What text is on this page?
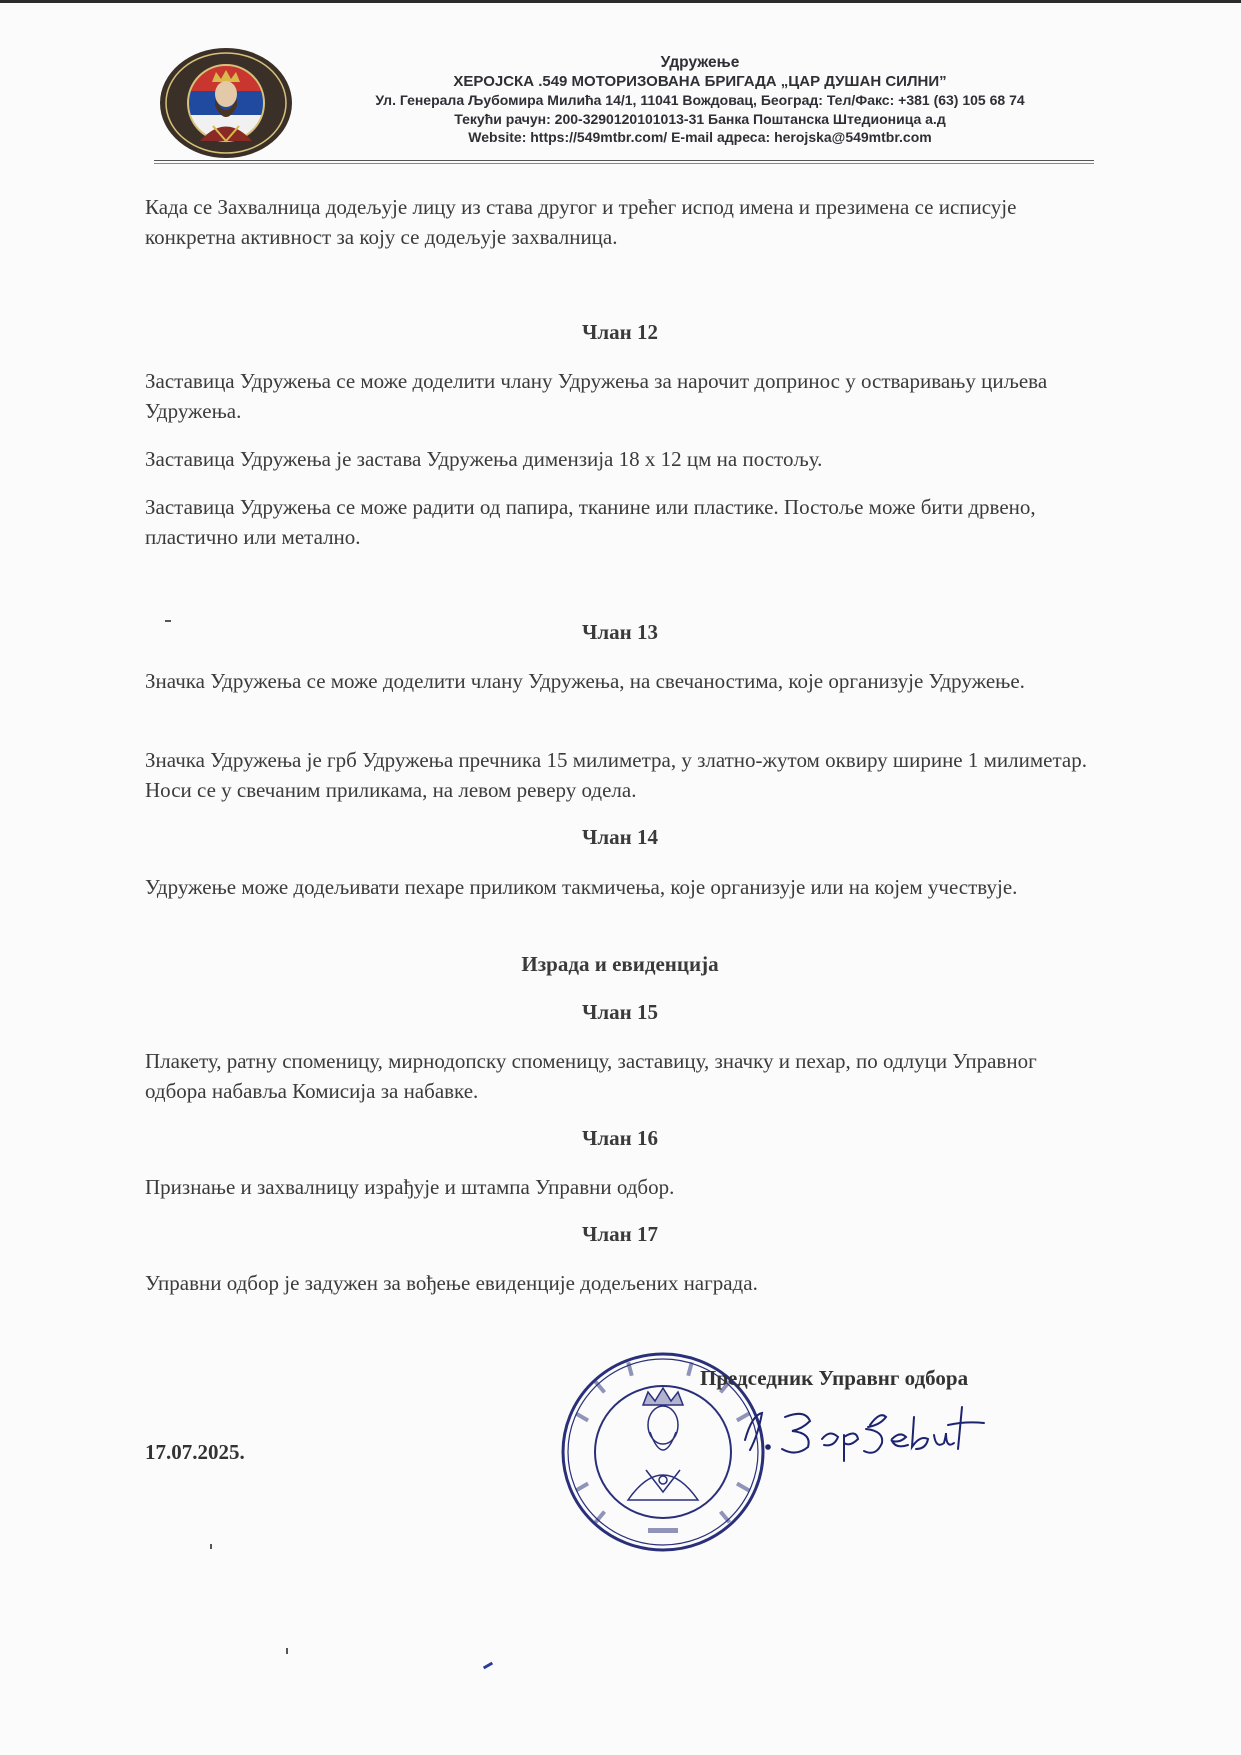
Удружење
ХЕРОЈСКА .549 МОТОРИЗОВАНА БРИГАДА „ЦАР ДУШАН СИЛНИ”
Ул. Генерала Љубомира Милића 14/1, 11041 Вождовац, Београд: Тел/Факс: +381 (63) 105 68 74
Текући рачун: 200-3290120101013-31 Банка Поштанска Штедионица а.д
Website: https://549mtbr.com/ E-mail адреса: herojska@549mtbr.com
Када се Захвалница додељује лицу из става другог и трећег испод имена и презимена се исписује конкретна активност за коју се додељује захвалница.
Члан 12
Заставица Удружења се може доделити члану Удружења за нарочит допринос у остваривању циљева Удружења.
Заставица Удружења је застава Удружења димензија 18 х 12 цм на постољу.
Заставица Удружења се може радити од папира, тканине или пластике. Постоље може бити дрвено, пластично или метално.
Члан 13
Значка Удружења се може доделити члану Удружења, на свечаностима, које организује Удружење.
Значка Удружења је грб Удружења пречника 15 милиметра, у златно-жутом оквиру ширине 1 милиметар. Носи се у свечаним приликама, на левом реверу одела.
Члан 14
Удружење може додељивати пехаре приликом такмичења, које организује или на којем учествује.
Израда и евиденција
Члан 15
Плакету, ратну споменицу, мирнодопску споменицу, заставицу, значку и пехар, по одлуци Управног одбора набавља Комисија за набавке.
Члан 16
Признање и захвалницу израђује и штампа Управни одбор.
Члан 17
Управни одбор је задужен за вођење евиденције додељених награда.
Председник Управнг одбора
17.07.2025.
